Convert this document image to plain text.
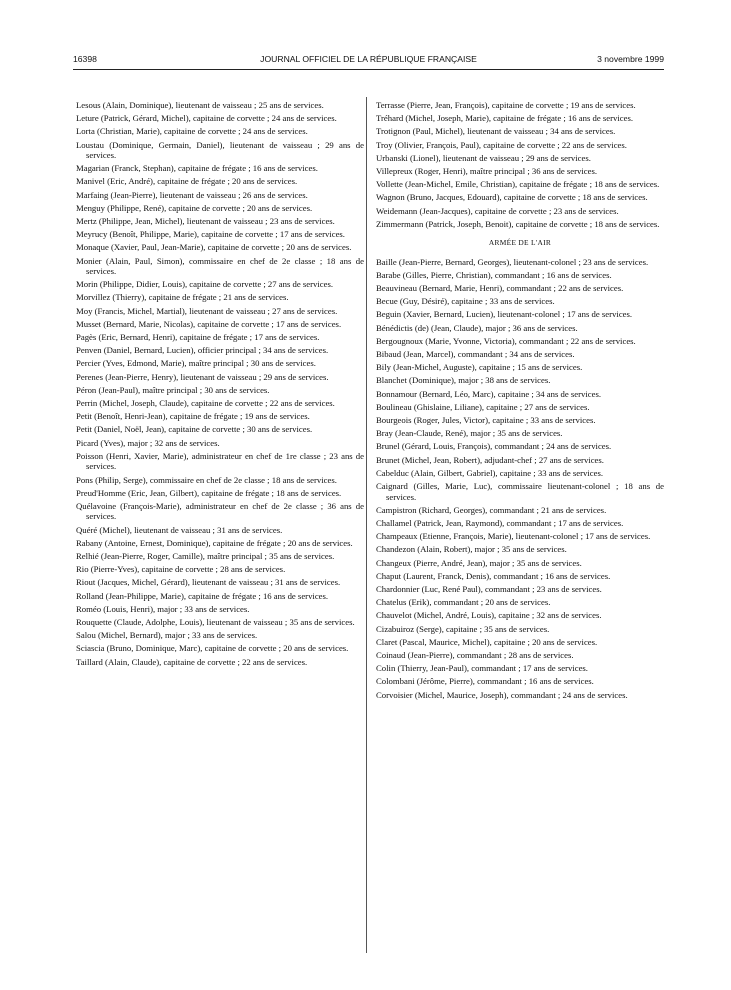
16398	JOURNAL OFFICIEL DE LA RÉPUBLIQUE FRANÇAISE	3 novembre 1999

Lesous (Alain, Dominique), lieutenant de vaisseau ; 25 ans de services.

Leture (Patrick, Gérard, Michel), capitaine de corvette ; 24 ans de services.

Lorta (Christian, Marie), capitaine de corvette ; 24 ans de services.

Loustau (Dominique, Germain, Daniel), lieutenant de vaisseau ; 29 ans de services.

Magarian (Franck, Stephan), capitaine de frégate ; 16 ans de services.

Manivel (Eric, André), capitaine de frégate ; 20 ans de services.

Marfaing (Jean-Pierre), lieutenant de vaisseau ; 26 ans de services.

Menguy (Philippe, René), capitaine de corvette ; 20 ans de services.

Mertz (Philippe, Jean, Michel), lieutenant de vaisseau ; 23 ans de services.

Meyrucy (Benoît, Philippe, Marie), capitaine de corvette ; 17 ans de services.

Monaque (Xavier, Paul, Jean-Marie), capitaine de corvette ; 20 ans de services.

Monier (Alain, Paul, Simon), commissaire en chef de 2e classe ; 18 ans de services.

Morin (Philippe, Didier, Louis), capitaine de corvette ; 27 ans de services.

Morvillez (Thierry), capitaine de frégate ; 21 ans de services.

Moy (Francis, Michel, Martial), lieutenant de vaisseau ; 27 ans de services.

Musset (Bernard, Marie, Nicolas), capitaine de corvette ; 17 ans de services.

Pagès (Eric, Bernard, Henri), capitaine de frégate ; 17 ans de services.

Penven (Daniel, Bernard, Lucien), officier principal ; 34 ans de services.

Percier (Yves, Edmond, Marie), maître principal ; 30 ans de services.

Perenes (Jean-Pierre, Henry), lieutenant de vaisseau ; 29 ans de services.

Péron (Jean-Paul), maître principal ; 30 ans de services.

Perrin (Michel, Joseph, Claude), capitaine de corvette ; 22 ans de services.

Petit (Benoît, Henri-Jean), capitaine de frégate ; 19 ans de services.

Petit (Daniel, Noël, Jean), capitaine de corvette ; 30 ans de services.

Picard (Yves), major ; 32 ans de services.

Poisson (Henri, Xavier, Marie), administrateur en chef de 1re classe ; 23 ans de services.

Pons (Philip, Serge), commissaire en chef de 2e classe ; 18 ans de services.

Preud'Homme (Eric, Jean, Gilbert), capitaine de frégate ; 18 ans de services.

Quélavoine (François-Marie), administrateur en chef de 2e classe ; 36 ans de services.

Quéré (Michel), lieutenant de vaisseau ; 31 ans de services.

Rabany (Antoine, Ernest, Dominique), capitaine de frégate ; 20 ans de services.

Relhié (Jean-Pierre, Roger, Camille), maître principal ; 35 ans de services.

Rio (Pierre-Yves), capitaine de corvette ; 28 ans de services.

Riout (Jacques, Michel, Gérard), lieutenant de vaisseau ; 31 ans de services.

Rolland (Jean-Philippe, Marie), capitaine de frégate ; 16 ans de services.

Roméo (Louis, Henri), major ; 33 ans de services.

Rouquette (Claude, Adolphe, Louis), lieutenant de vaisseau ; 35 ans de services.

Salou (Michel, Bernard), major ; 33 ans de services.

Sciascia (Bruno, Dominique, Marc), capitaine de corvette ; 20 ans de services.

Taillard (Alain, Claude), capitaine de corvette ; 22 ans de services.

Terrasse (Pierre, Jean, François), capitaine de corvette ; 19 ans de services.

Tréhard (Michel, Joseph, Marie), capitaine de frégate ; 16 ans de services.

Trotignon (Paul, Michel), lieutenant de vaisseau ; 34 ans de services.

Troy (Olivier, François, Paul), capitaine de corvette ; 22 ans de services.

Urbanski (Lionel), lieutenant de vaisseau ; 29 ans de services.

Villepreux (Roger, Henri), maître principal ; 36 ans de services.

Vollette (Jean-Michel, Emile, Christian), capitaine de frégate ; 18 ans de services.

Wagnon (Bruno, Jacques, Edouard), capitaine de corvette ; 18 ans de services.

Weidemann (Jean-Jacques), capitaine de corvette ; 23 ans de services.

Zimmermann (Patrick, Joseph, Benoit), capitaine de corvette ; 18 ans de services.

ARMÉE DE L'AIR

Baille (Jean-Pierre, Bernard, Georges), lieutenant-colonel ; 23 ans de services.

Barabe (Gilles, Pierre, Christian), commandant ; 16 ans de services.

Beauvineau (Bernard, Marie, Henri), commandant ; 22 ans de services.

Becue (Guy, Désiré), capitaine ; 33 ans de services.

Beguin (Xavier, Bernard, Lucien), lieutenant-colonel ; 17 ans de services.

Bénédictis (de) (Jean, Claude), major ; 36 ans de services.

Bergougnoux (Marie, Yvonne, Victoria), commandant ; 22 ans de services.

Bibaud (Jean, Marcel), commandant ; 34 ans de services.

Bily (Jean-Michel, Auguste), capitaine ; 15 ans de services.

Blanchet (Dominique), major ; 38 ans de services.

Bonnamour (Bernard, Léo, Marc), capitaine ; 34 ans de services.

Boulineau (Ghislaine, Liliane), capitaine ; 27 ans de services.

Bourgeois (Roger, Jules, Victor), capitaine ; 33 ans de services.

Bray (Jean-Claude, René), major ; 35 ans de services.

Brunel (Gérard, Louis, François), commandant ; 24 ans de services.

Brunet (Michel, Jean, Robert), adjudant-chef ; 27 ans de services.

Cabelduc (Alain, Gilbert, Gabriel), capitaine ; 33 ans de services.

Caignard (Gilles, Marie, Luc), commissaire lieutenant-colonel ; 18 ans de services.

Campistron (Richard, Georges), commandant ; 21 ans de services.

Challamel (Patrick, Jean, Raymond), commandant ; 17 ans de services.

Champeaux (Etienne, François, Marie), lieutenant-colonel ; 17 ans de services.

Chandezon (Alain, Robert), major ; 35 ans de services.

Changeux (Pierre, André, Jean), major ; 35 ans de services.

Chaput (Laurent, Franck, Denis), commandant ; 16 ans de services.

Chardonnier (Luc, René Paul), commandant ; 23 ans de services.

Chatelus (Erik), commandant ; 20 ans de services.

Chauvelot (Michel, André, Louis), capitaine ; 32 ans de services.

Cizabuiroz (Serge), capitaine ; 35 ans de services.

Claret (Pascal, Maurice, Michel), capitaine ; 20 ans de services.

Coinaud (Jean-Pierre), commandant ; 28 ans de services.

Colin (Thierry, Jean-Paul), commandant ; 17 ans de services.

Colombani (Jérôme, Pierre), commandant ; 16 ans de services.

Corvoisier (Michel, Maurice, Joseph), commandant ; 24 ans de services.
